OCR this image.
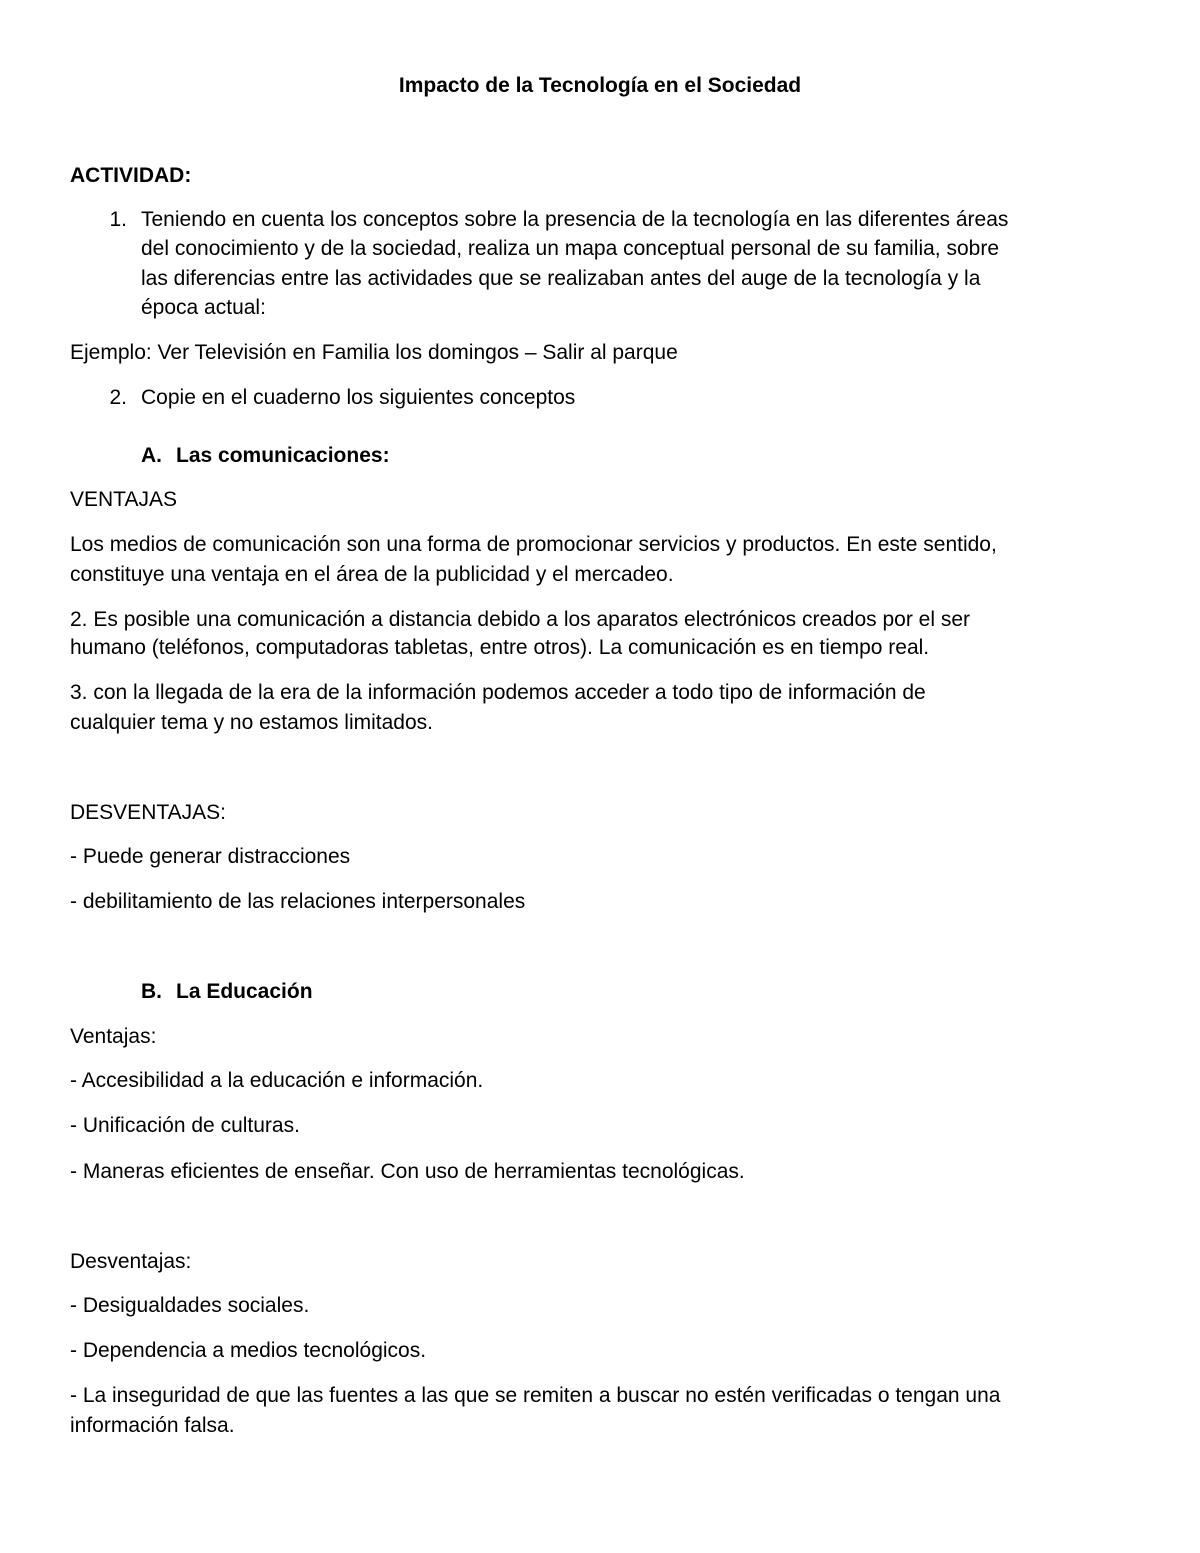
Impacto de la Tecnología en el Sociedad
ACTIVIDAD:
1. Teniendo en cuenta los conceptos sobre la presencia de la tecnología en las diferentes áreas
del conocimiento y de la sociedad, realiza un mapa conceptual personal de su familia, sobre
las diferencias entre las actividades que se realizaban antes del auge de la tecnología y la
época actual:
Ejemplo: Ver Televisión en Familia los domingos – Salir al parque
2. Copie en el cuaderno los siguientes conceptos
A. Las comunicaciones:
VENTAJAS
Los medios de comunicación son una forma de promocionar servicios y productos. En este sentido,
constituye una ventaja en el área de la publicidad y el mercadeo.
2. Es posible una comunicación a distancia debido a los aparatos electrónicos creados por el ser
humano (teléfonos, computadoras tabletas, entre otros). La comunicación es en tiempo real.
3. con la llegada de la era de la información podemos acceder a todo tipo de información de
cualquier tema y no estamos limitados.
DESVENTAJAS:
- Puede generar distracciones
- debilitamiento de las relaciones interpersonales
B. La Educación
Ventajas:
- Accesibilidad a la educación e información.
- Unificación de culturas.
- Maneras eficientes de enseñar. Con uso de herramientas tecnológicas.
Desventajas:
- Desigualdades sociales.
- Dependencia a medios tecnológicos.
- La inseguridad de que las fuentes a las que se remiten a buscar no estén verificadas o tengan una
información falsa.
